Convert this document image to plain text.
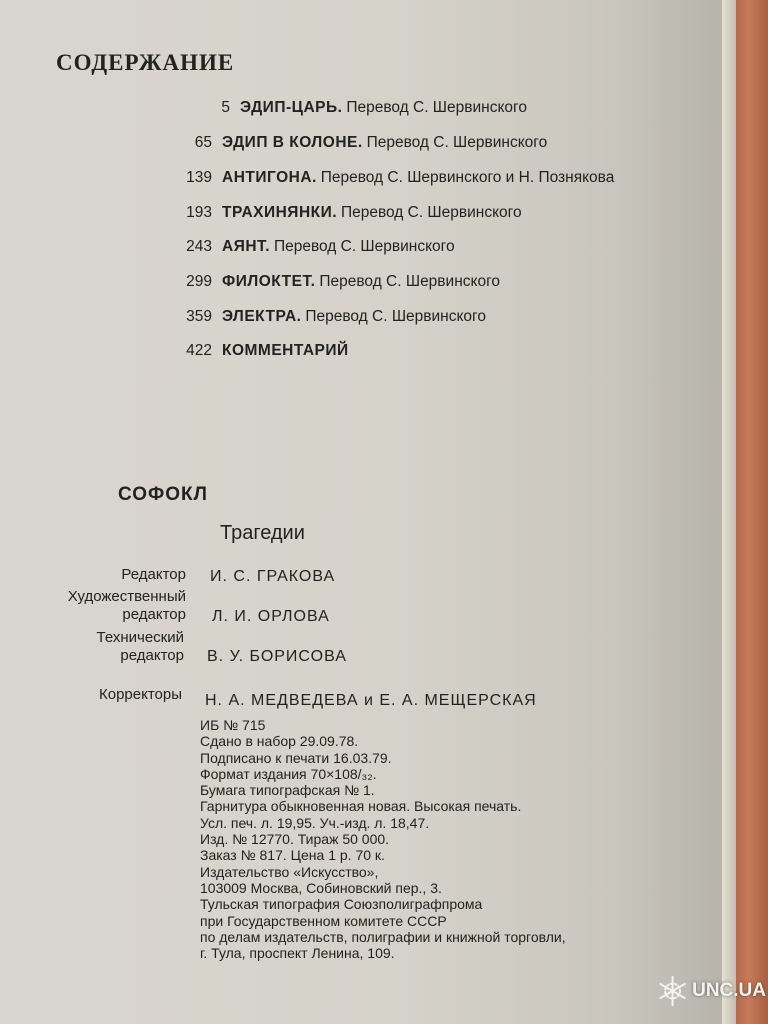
СОДЕРЖАНИЕ
5 ЭДИП-ЦАРЬ. Перевод С. Шервинского
65 ЭДИП В КОЛОНЕ. Перевод С. Шервинского
139 АНТИГОНА. Перевод С. Шервинского и Н. Познякова
193 ТРАХИНЯНКИ. Перевод С. Шервинского
243 АЯНТ. Перевод С. Шервинского
299 ФИЛОКТЕТ. Перевод С. Шервинского
359 ЭЛЕКТРА. Перевод С. Шервинского
422 КОММЕНТАРИЙ
СОФОКЛ
Трагедии
Редактор И. С. ГРАКОВА
Художественный
редактор Л. И. ОРЛОВА
Технический
редактор В. У. БОРИСОВА
Корректоры Н. А. МЕДВЕДЕВА и Е. А. МЕЩЕРСКАЯ
ИБ № 715
Сдано в набор 29.09.78.
Подписано к печати 16.03.79.
Формат издания 70×108/₃₂.
Бумага типографская № 1.
Гарнитура обыкновенная новая. Высокая печать.
Усл. печ. л. 19,95. Уч.-изд. л. 18,47.
Изд. № 12770. Тираж 50 000.
Заказ № 817. Цена 1 р. 70 к.
Издательство «Искусство»,
103009 Москва, Собиновский пер., 3.
Тульская типография Союзполиграфпрома
при Государственном комитете СССР
по делам издательств, полиграфии и книжной торговли,
г. Тула, проспект Ленина, 109.
UNC.UA
